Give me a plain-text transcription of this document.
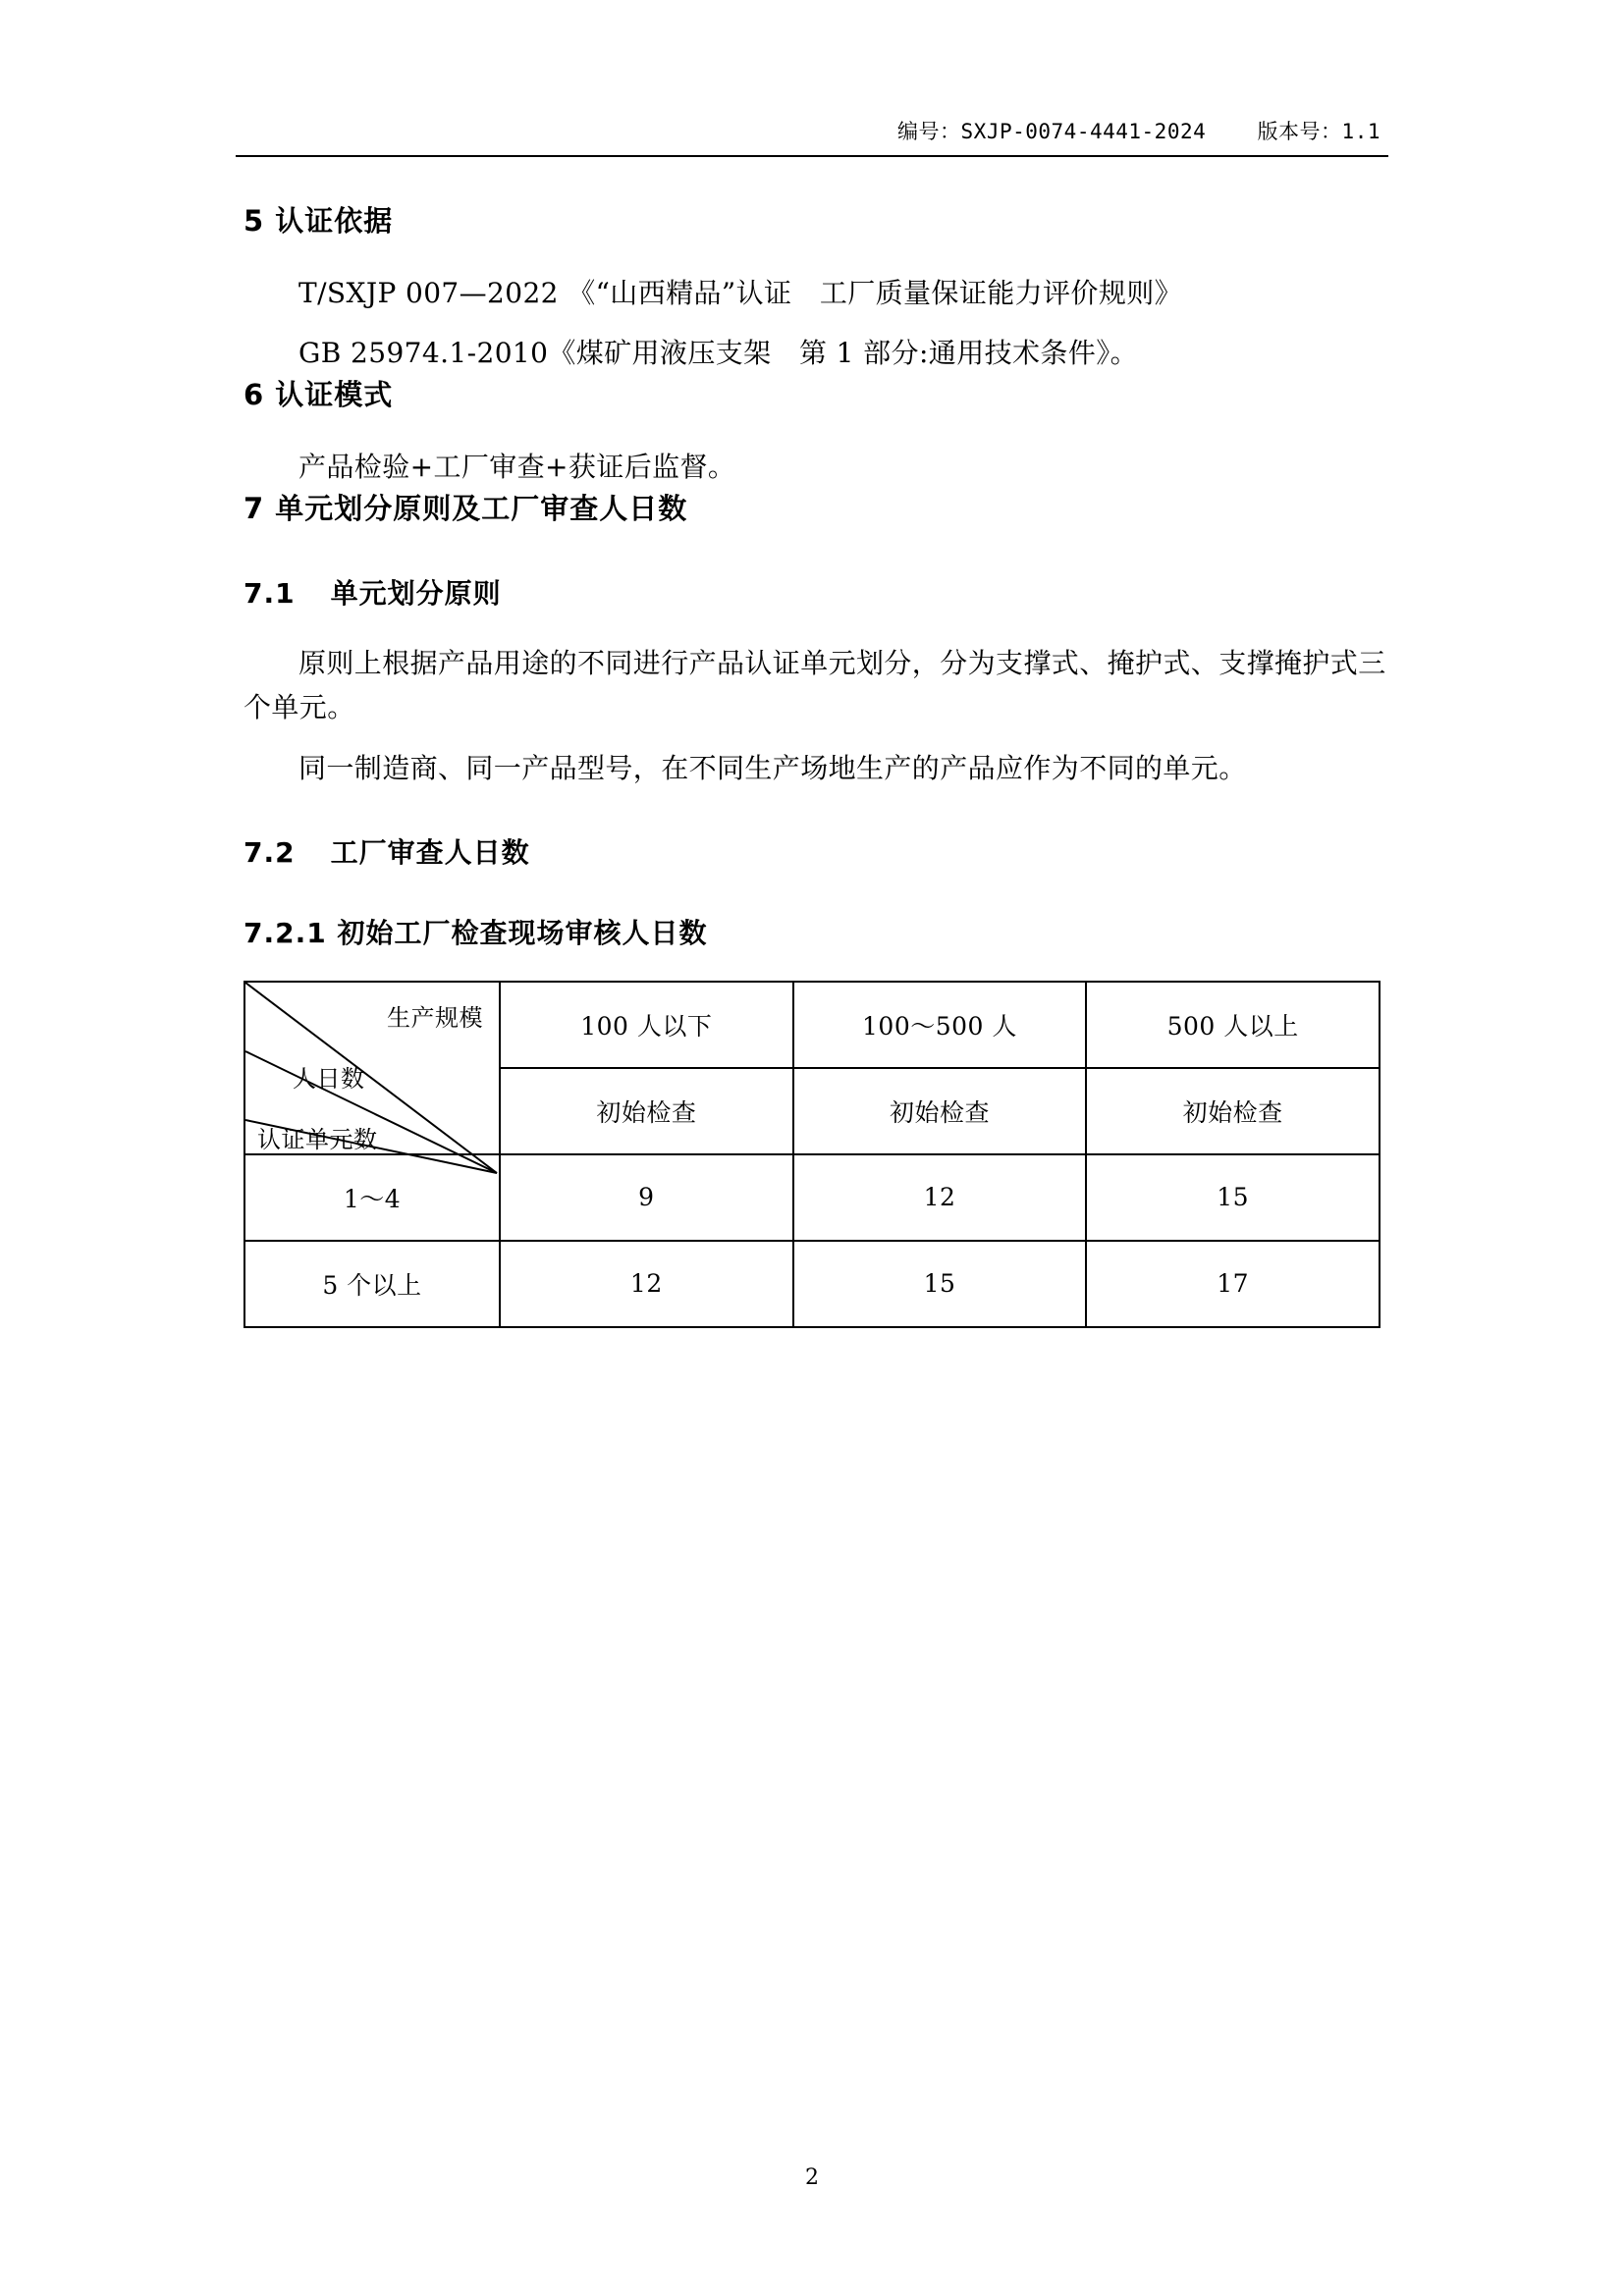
编号：SXJP-0074-4441-2024 版本号：1.1
5 认证依据

T/SXJP 007—2022 《“山西精品”认证　工厂质量保证能力评价规则》

GB 25974.1-2010《煤矿用液压支架　第 1 部分:通用技术条件》。

6 认证模式

产品检验+工厂审查+获证后监督。

7 单元划分原则及工厂审查人日数
7.1 单元划分原则

原则上根据产品用途的不同进行产品认证单元划分，分为支撑式、掩护式、支撑掩护式三个单元。

同一制造商、同一产品型号，在不同生产场地生产的产品应作为不同的单元。

7.2 工厂审查人日数
7.2.1 初始工厂检查现场审核人日数
生产规模
人日数
认证单元数	100 人以下	100～500 人	500 人以上
	初始检查	初始检查	初始检查
1～4	9	12	15
5 个以上	12	15	17
2
